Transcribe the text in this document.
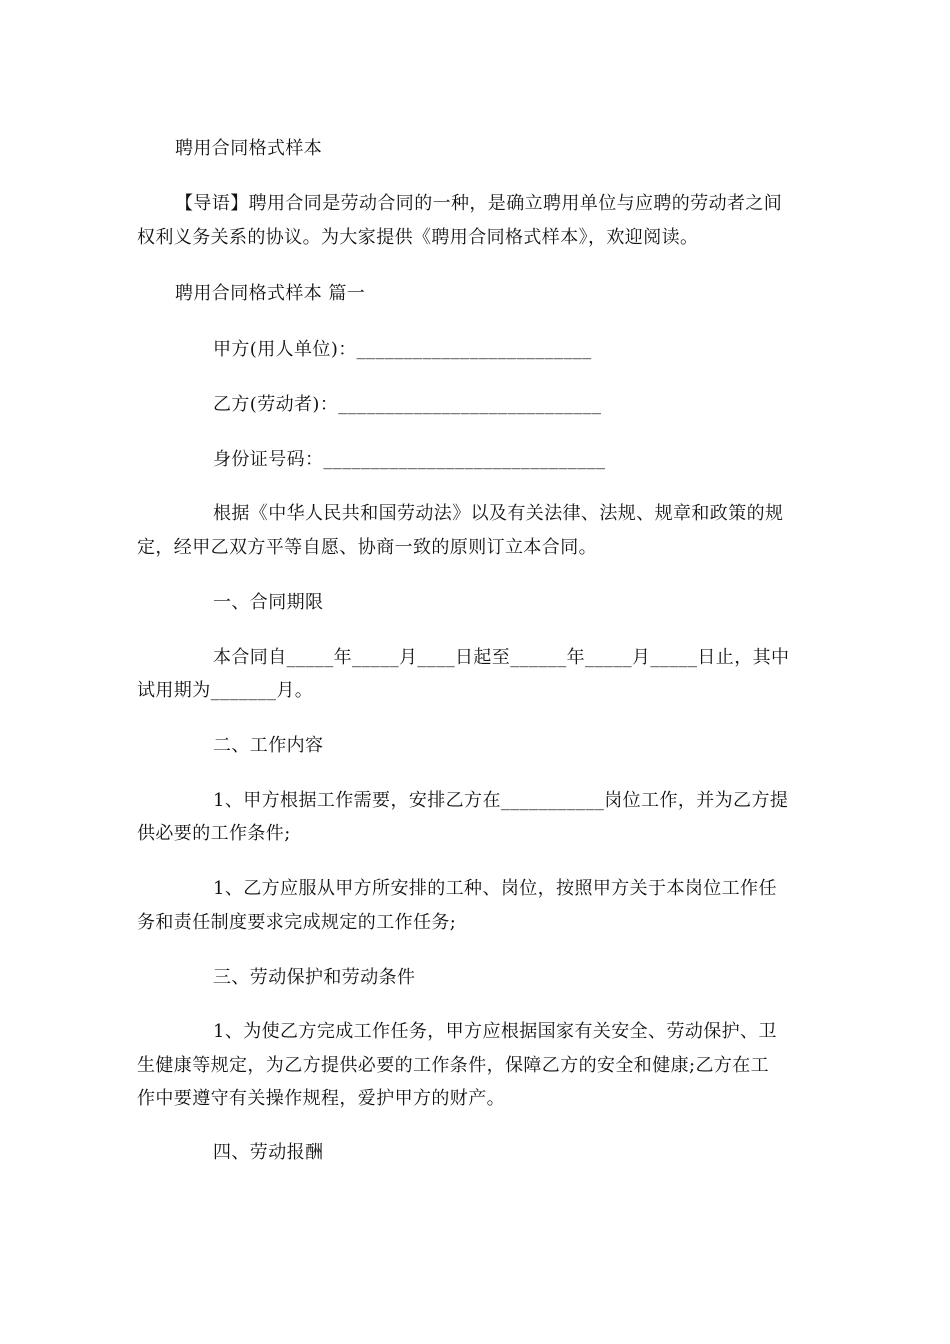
聘用合同格式样本
【导语】聘用合同是劳动合同的一种，是确立聘用单位与应聘的劳动者之间
权利义务关系的协议。为大家提供《聘用合同格式样本》，欢迎阅读。
聘用合同格式样本 篇一
甲方(用人单位)：_________________________
乙方(劳动者)：____________________________
身份证号码：______________________________
根据《中华人民共和国劳动法》以及有关法律、法规、规章和政策的规
定，经甲乙双方平等自愿、协商一致的原则订立本合同。
一、合同期限
本合同自_____年_____月____日起至______年_____月_____日止，其中
试用期为_______月。
二、工作内容
1、甲方根据工作需要，安排乙方在___________岗位工作，并为乙方提
供必要的工作条件;
1、乙方应服从甲方所安排的工种、岗位，按照甲方关于本岗位工作任
务和责任制度要求完成规定的工作任务;
三、劳动保护和劳动条件
1、为使乙方完成工作任务，甲方应根据国家有关安全、劳动保护、卫
生健康等规定，为乙方提供必要的工作条件，保障乙方的安全和健康;乙方在工
作中要遵守有关操作规程，爱护甲方的财产。
四、劳动报酬
